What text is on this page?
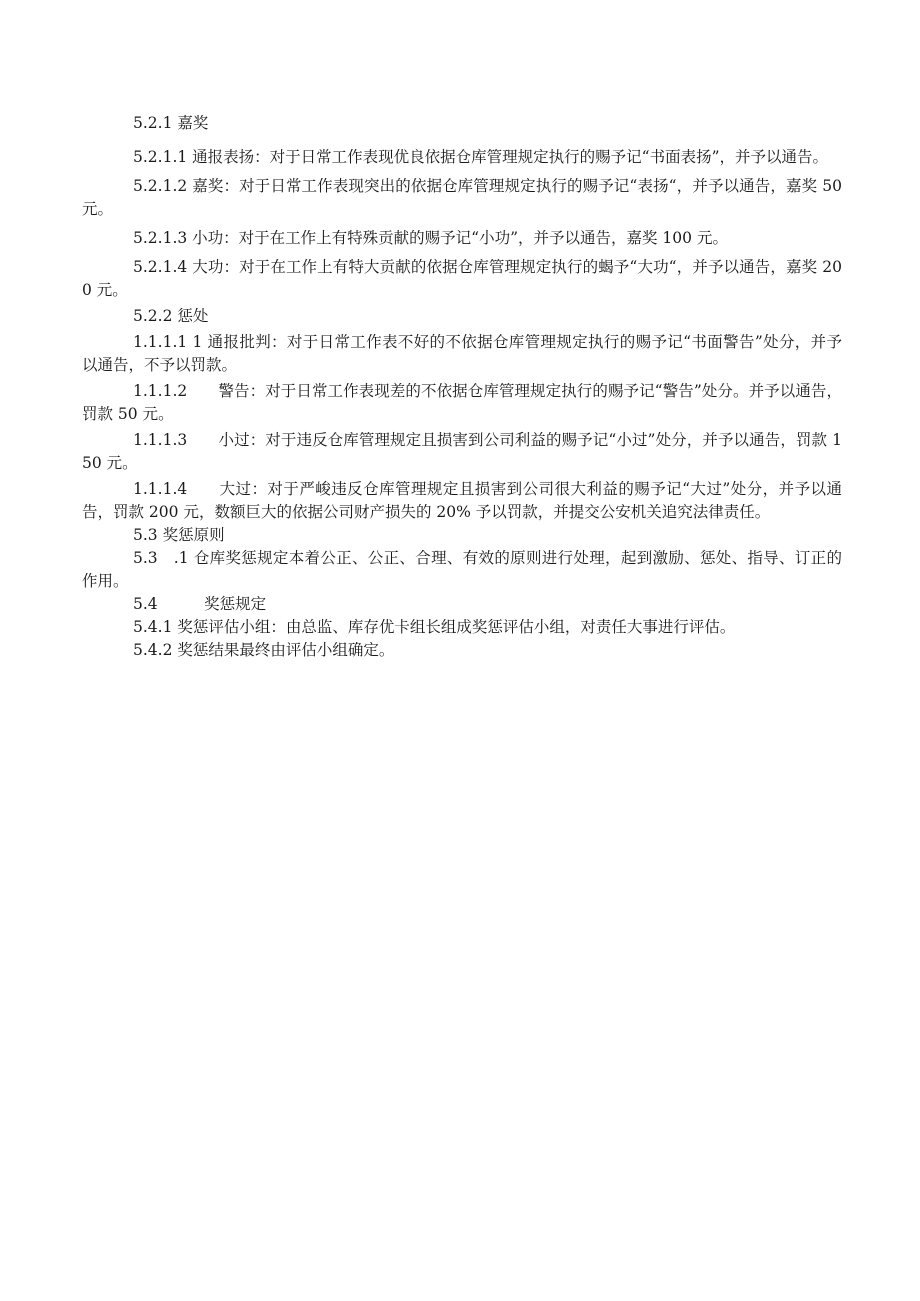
5.2.1 嘉奖

5.2.1.1 通报表扬：对于日常工作表现优良依据仓库管理规定执行的赐予记“书面表扬”，并予以通告。

5.2.1.2 嘉奖：对于日常工作表现突出的依据仓库管理规定执行的赐予记“表扬“，并予以通告，嘉奖 50 元。

5.2.1.3 小功：对于在工作上有特殊贡献的赐予记“小功”，并予以通告，嘉奖 100 元。

5.2.1.4 大功：对于在工作上有特大贡献的依据仓库管理规定执行的蝎予“大功“，并予以通告，嘉奖 200 元。

5.2.2 惩处

1.1.1.1 1 通报批判：对于日常工作表不好的不依据仓库管理规定执行的赐予记“书面警告”处分，并予以通告，不予以罚款。

1.1.1.2　　警告：对于日常工作表现差的不依据仓库管理规定执行的赐予记“警告”处分。并予以通告，罚款 50 元。

1.1.1.3　　小过：对于违反仓库管理规定且损害到公司利益的赐予记“小过”处分，并予以通告，罚款 150 元。

1.1.1.4　　大过：对于严峻违反仓库管理规定且损害到公司很大利益的赐予记“大过”处分，并予以通告，罚款 200 元，数额巨大的依据公司财产损失的 20% 予以罚款，并提交公安机关追究法律责任。

5.3 奖惩原则

5.3　.1 仓库奖惩规定本着公正、公正、合理、有效的原则进行处理，起到激励、惩处、指导、订正的作用。

5.4　　　奖惩规定

5.4.1 奖惩评估小组：由总监、库存优卡组长组成奖惩评估小组，对责任大事进行评估。

5.4.2 奖惩结果最终由评估小组确定。
